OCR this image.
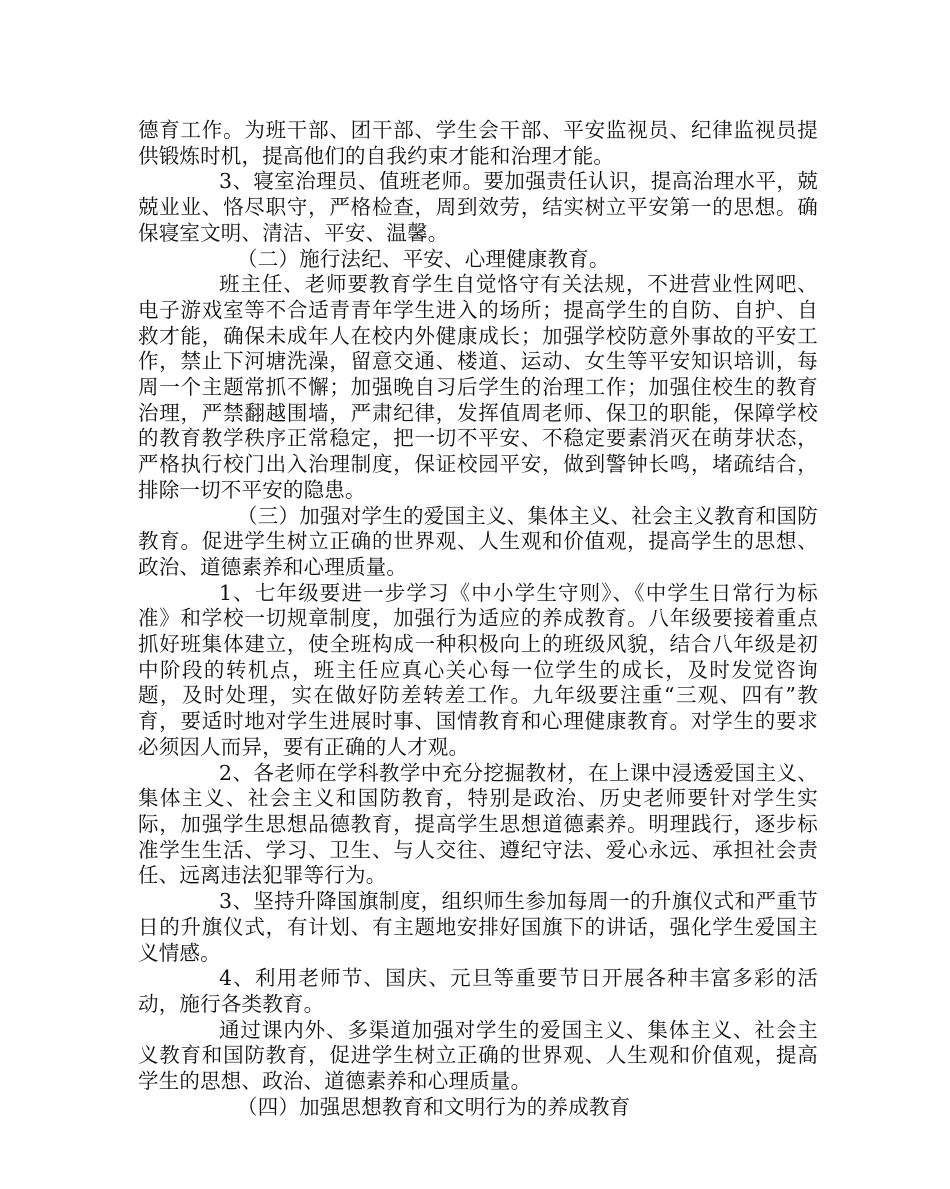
德育工作。为班干部、团干部、学生会干部、平安监视员、纪律监视员提供锻炼时机，提高他们的自我约束才能和治理才能。

3、寝室治理员、值班老师。要加强责任认识，提高治理水平，兢兢业业、恪尽职守，严格检查，周到效劳，结实树立平安第一的思想。确保寝室文明、清洁、平安、温馨。

（二）施行法纪、平安、心理健康教育。

班主任、老师要教育学生自觉恪守有关法规，不进营业性网吧、电子游戏室等不合适青青年学生进入的场所；提高学生的自防、自护、自救才能，确保未成年人在校内外健康成长；加强学校防意外事故的平安工作，禁止下河塘洗澡，留意交通、楼道、运动、女生等平安知识培训，每周一个主题常抓不懈；加强晚自习后学生的治理工作；加强住校生的教育治理，严禁翻越围墙，严肃纪律，发挥值周老师、保卫的职能，保障学校的教育教学秩序正常稳定，把一切不平安、不稳定要素消灭在萌芽状态，严格执行校门出入治理制度，保证校园平安，做到警钟长鸣，堵疏结合，排除一切不平安的隐患。

（三）加强对学生的爱国主义、集体主义、社会主义教育和国防教育。促进学生树立正确的世界观、人生观和价值观，提高学生的思想、政治、道德素养和心理质量。

1、七年级要进一步学习《中小学生守则》、《中学生日常行为标准》和学校一切规章制度，加强行为适应的养成教育。八年级要接着重点抓好班集体建立，使全班构成一种积极向上的班级风貌，结合八年级是初中阶段的转机点，班主任应真心关心每一位学生的成长，及时发觉咨询题，及时处理，实在做好防差转差工作。九年级要注重“三观、四有”教育，要适时地对学生进展时事、国情教育和心理健康教育。对学生的要求必须因人而异，要有正确的人才观。

2、各老师在学科教学中充分挖掘教材，在上课中浸透爱国主义、集体主义、社会主义和国防教育，特别是政治、历史老师要针对学生实际，加强学生思想品德教育，提高学生思想道德素养。明理践行，逐步标准学生生活、学习、卫生、与人交往、遵纪守法、爱心永远、承担社会责任、远离违法犯罪等行为。

3、坚持升降国旗制度，组织师生参加每周一的升旗仪式和严重节日的升旗仪式，有计划、有主题地安排好国旗下的讲话，强化学生爱国主义情感。

4、利用老师节、国庆、元旦等重要节日开展各种丰富多彩的活动，施行各类教育。

通过课内外、多渠道加强对学生的爱国主义、集体主义、社会主义教育和国防教育，促进学生树立正确的世界观、人生观和价值观，提高学生的思想、政治、道德素养和心理质量。

（四）加强思想教育和文明行为的养成教育
